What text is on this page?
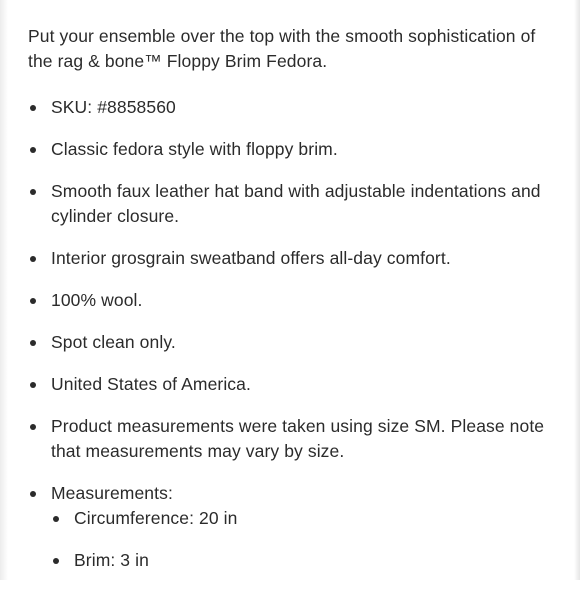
Put your ensemble over the top with the smooth sophistication of the rag & bone™ Floppy Brim Fedora.

SKU: #8858560
Classic fedora style with floppy brim.
Smooth faux leather hat band with adjustable indentations and cylinder closure.
Interior grosgrain sweatband offers all-day comfort.
100% wool.
Spot clean only.
United States of America.
Product measurements were taken using size SM. Please note that measurements may vary by size.
Measurements:
Circumference: 20 in
Brim: 3 in
